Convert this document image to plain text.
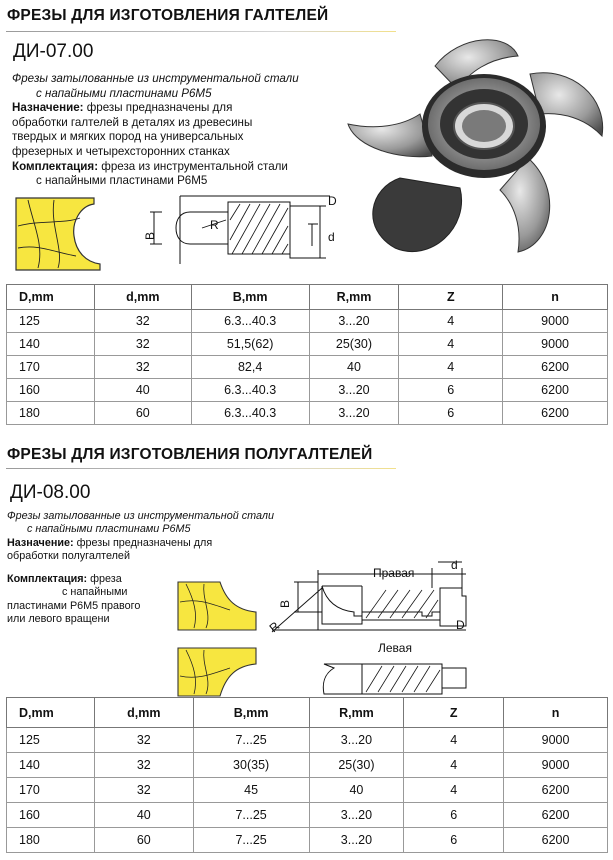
ФРЕЗЫ ДЛЯ ИЗГОТОВЛЕНИЯ ГАЛТЕЛЕЙ
ДИ-07.00
Фрезы затылованные из инструментальной стали
с напайными пластинами Р6М5
Назначение: фрезы предназначены для
обработки галтелей в деталях из древесины
твердых и мягких пород на универсальных
фрезерных и четырехсторонних станках
Комплектация: фреза из инструментальной стали
с напайными пластинами Р6М5
D
d
B
R
D,mm	d,mm	B,mm	R,mm	Z	n
125	32	6.3...40.3	3...20	4	9000
140	32	51,5(62)	25(30)	4	9000
170	32	82,4	40	4	6200
160	40	6.3...40.3	3...20	6	6200
180	60	6.3...40.3	3...20	6	6200
ФРЕЗЫ ДЛЯ ИЗГОТОВЛЕНИЯ ПОЛУГАЛТЕЛЕЙ
ДИ-08.00
Фрезы затылованные из инструментальной стали
с напайными пластинами Р6М5
Назначение: фрезы предназначены для
обработки полугалтелей
Комплектация: фреза
с напайными
пластинами Р6М5 правого
или левого вращени
Правая
Левая
d
D
B
R
D,mm	d,mm	B,mm	R,mm	Z	n
125	32	7...25	3...20	4	9000
140	32	30(35)	25(30)	4	9000
170	32	45	40	4	6200
160	40	7...25	3...20	6	6200
180	60	7...25	3...20	6	6200
